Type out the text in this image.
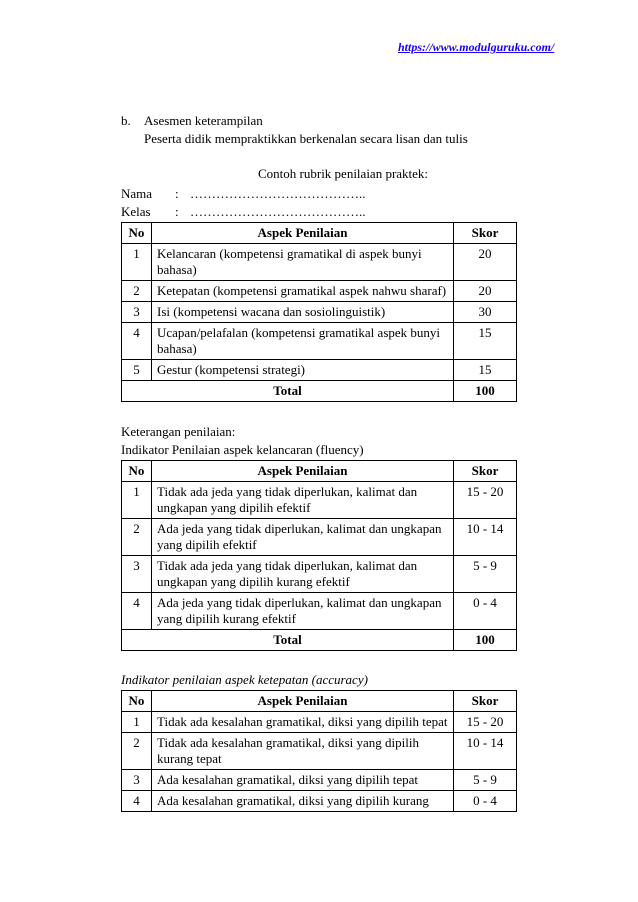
https://www.modulguruku.com/
b. Asesmen keterampilan
Peserta didik mempraktikkan berkenalan secara lisan dan tulis
Contoh rubrik penilaian praktek:
Nama : …………………………………..
Kelas : …………………………………..
No	Aspek Penilaian	Skor
1	Kelancaran (kompetensi gramatikal di aspek bunyi bahasa)	20
2	Ketepatan (kompetensi gramatikal aspek nahwu sharaf)	20
3	Isi (kompetensi wacana dan sosiolinguistik)	30
4	Ucapan/pelafalan (kompetensi gramatikal aspek bunyi bahasa)	15
5	Gestur (kompetensi strategi)	15
Total		100
Keterangan penilaian:
Indikator Penilaian aspek kelancaran (fluency)
No	Aspek Penilaian	Skor
1	Tidak ada jeda yang tidak diperlukan, kalimat dan ungkapan yang dipilih efektif	15 - 20
2	Ada jeda yang tidak diperlukan, kalimat dan ungkapan yang dipilih efektif	10 - 14
3	Tidak ada jeda yang tidak diperlukan, kalimat dan ungkapan yang dipilih kurang efektif	5 - 9
4	Ada jeda yang tidak diperlukan, kalimat dan ungkapan yang dipilih kurang efektif	0 - 4
Total		100
Indikator penilaian aspek ketepatan (accuracy)
No	Aspek Penilaian	Skor
1	Tidak ada kesalahan gramatikal, diksi yang dipilih tepat	15 - 20
2	Tidak ada kesalahan gramatikal, diksi yang dipilih kurang tepat	10 - 14
3	Ada kesalahan gramatikal, diksi yang dipilih tepat	5 - 9
4	Ada kesalahan gramatikal, diksi yang dipilih kurang	0 - 4
